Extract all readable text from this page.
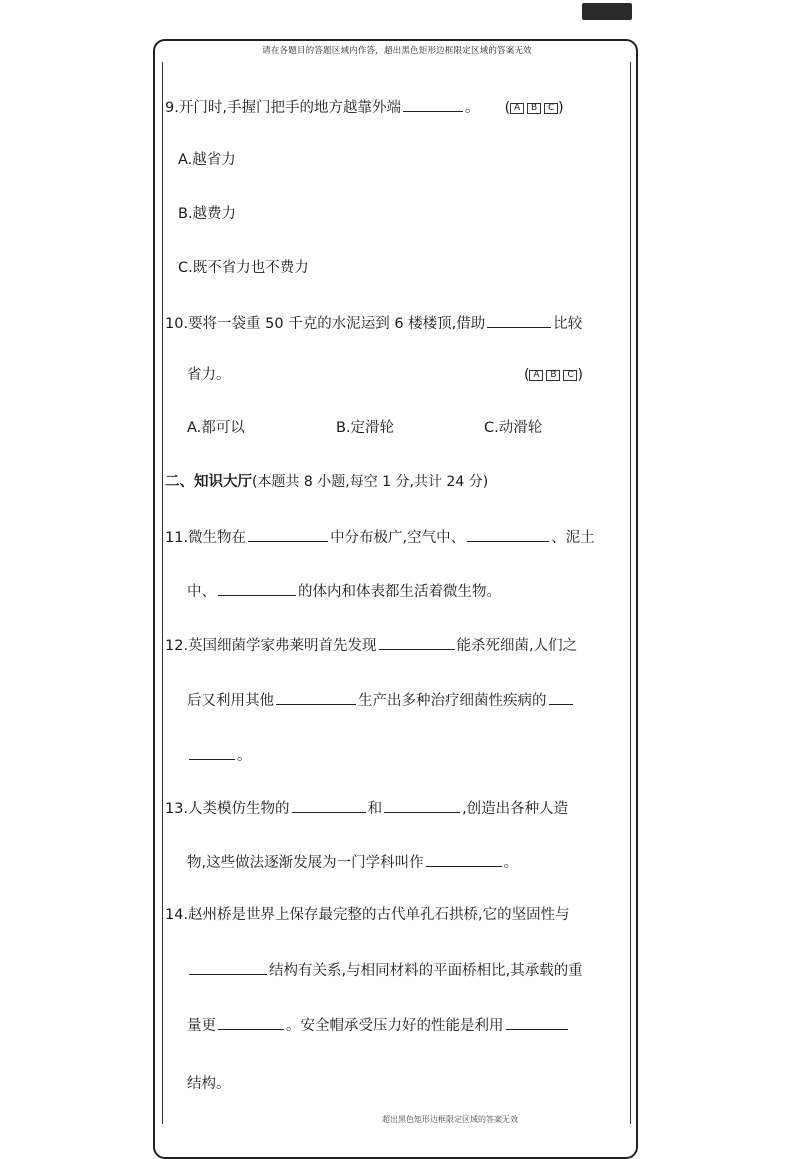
请在各题目的答题区域内作答，超出黑色矩形边框限定区域的答案无效
9.开门时,手握门把手的地方越靠外端	。 ( A	B	C )
A.越省力
B.越费力
C.既不省力也不费力
10.要将一袋重 50 千克的水泥运到 6 楼楼顶,借助	比较
省力。	( A	B	C )
A.都可以	B.定滑轮	C.动滑轮
二、知识大厅(本题共 8 小题,每空 1 分,共计 24 分)
11.微生物在	中分布极广,空气中、	、泥土
中、	的体内和体表都生活着微生物。
12.英国细菌学家弗莱明首先发现	能杀死细菌,人们之
后又利用其他	生产出多种治疗细菌性疾病的
。
13.人类模仿生物的	和	,创造出各种人造
物,这些做法逐渐发展为一门学科叫作	。
14.赵州桥是世界上保存最完整的古代单孔石拱桥,它的坚固性与
结构有关系,与相同材料的平面桥相比,其承载的重
量更	。安全帽承受压力好的性能是利用
结构。
超出黑色矩形边框限定区域的答案无效
